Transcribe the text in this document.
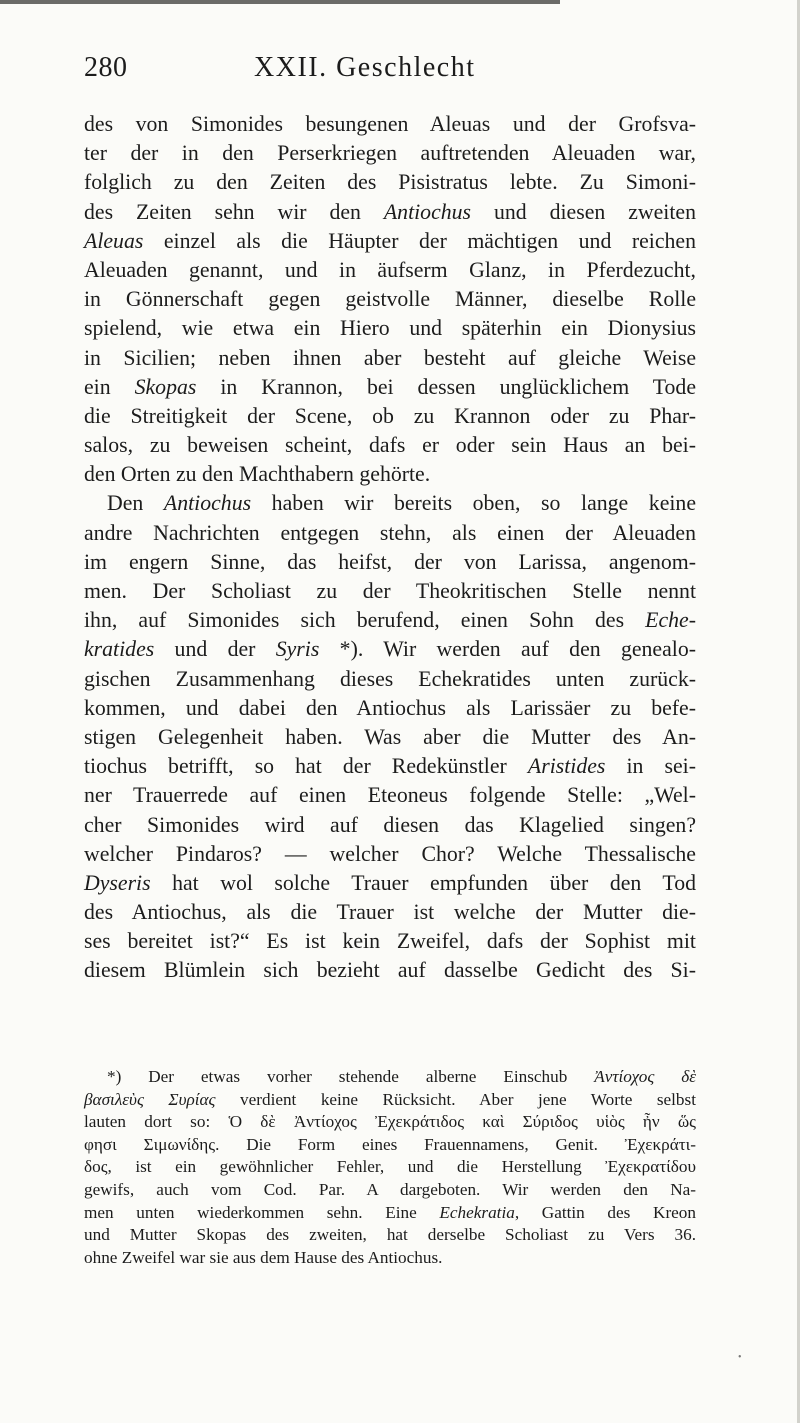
280	XXII. Geschlecht
des von Simonides besungenen Aleuas und der Grofsva-
ter der in den Perserkriegen auftretenden Aleuaden war,
folglich zu den Zeiten des Pisistratus lebte. Zu Simoni-
des Zeiten sehn wir den Antiochus und diesen zweiten
Aleuas einzel als die Häupter der mächtigen und reichen
Aleuaden genannt, und in äufserm Glanz, in Pferdezucht,
in Gönnerschaft gegen geistvolle Männer, dieselbe Rolle
spielend, wie etwa ein Hiero und späterhin ein Dionysius
in Sicilien; neben ihnen aber besteht auf gleiche Weise
ein Skopas in Krannon, bei dessen unglücklichem Tode
die Streitigkeit der Scene, ob zu Krannon oder zu Phar-
salos, zu beweisen scheint, dafs er oder sein Haus an bei-
den Orten zu den Machthabern gehörte.
Den Antiochus haben wir bereits oben, so lange keine
andre Nachrichten entgegen stehn, als einen der Aleuaden
im engern Sinne, das heifst, der von Larissa, angenom-
men. Der Scholiast zu der Theokritischen Stelle nennt
ihn, auf Simonides sich berufend, einen Sohn des Eche-
kratides und der Syris *). Wir werden auf den genealo-
gischen Zusammenhang dieses Echekratides unten zurück-
kommen, und dabei den Antiochus als Larissäer zu befe-
stigen Gelegenheit haben. Was aber die Mutter des An-
tiochus betrifft, so hat der Redekünstler Aristides in sei-
ner Trauerrede auf einen Eteoneus folgende Stelle: „Wel-
cher Simonides wird auf diesen das Klagelied singen?
welcher Pindaros? — welcher Chor? Welche Thessalische
Dyseris hat wol solche Trauer empfunden über den Tod
des Antiochus, als die Trauer ist welche der Mutter die-
ses bereitet ist?“ Es ist kein Zweifel, dafs der Sophist mit
diesem Blümlein sich bezieht auf dasselbe Gedicht des Si-
*) Der etwas vorher stehende alberne Einschub Ἀντίοχος δὲ
βασιλεὺς Συρίας verdient keine Rücksicht. Aber jene Worte selbst
lauten dort so: Ὁ δὲ Ἀντίοχος Ἐχεκράτιδος καὶ Σύριδος υἱὸς ἦν ὥς
φησι Σιμωνίδης. Die Form eines Frauennamens, Genit. Ἐχεκράτι-
δος, ist ein gewöhnlicher Fehler, und die Herstellung Ἐχεκρατίδου
gewifs, auch vom Cod. Par. A dargeboten. Wir werden den Na-
men unten wiederkommen sehn. Eine Echekratia, Gattin des Kreon
und Mutter Skopas des zweiten, hat derselbe Scholiast zu Vers 36.
ohne Zweifel war sie aus dem Hause des Antiochus.
•
